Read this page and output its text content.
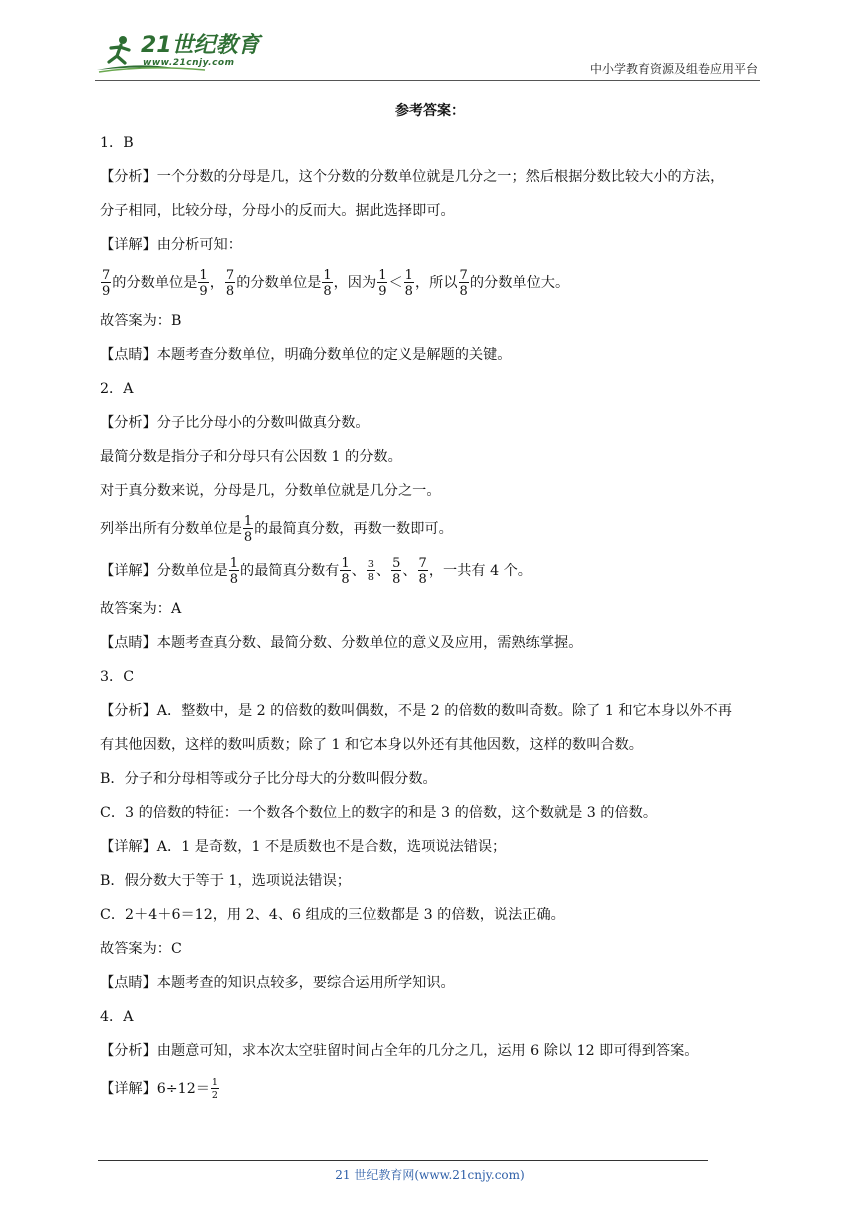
21世纪教育
www.21cnjy.com	中小学教育资源及组卷应用平台
参考答案：
1．B
【分析】一个分数的分母是几，这个分数的分数单位就是几分之一；然后根据分数比较大小的方法，
分子相同，比较分母，分母小的反而大。据此选择即可。
【详解】由分析可知：
$\frac{7}{9}$ 的分数单位是 $\frac{1}{9}$ ， $\frac{7}{8}$ 的分数单位是 $\frac{1}{8}$ ，因为 $\frac{1}{9} < \frac{1}{8}$ ，所以 $\frac{7}{8}$ 的分数单位大。
故答案为：B
【点睛】本题考查分数单位，明确分数单位的定义是解题的关键。
2．A
【分析】分子比分母小的分数叫做真分数。
最简分数是指分子和分母只有公因数 1 的分数。
对于真分数来说，分母是几，分数单位就是几分之一。
列举出所有分数单位是 $\frac{1}{8}$ 的最简真分数，再数一数即可。
【详解】分数单位是 $\frac{1}{8}$ 的最简真分数有 $\frac{1}{8}$ 、 $\frac{3}{8}$ 、 $\frac{5}{8}$ 、 $\frac{7}{8}$ ，一共有 4 个。
故答案为：A
【点睛】本题考查真分数、最简分数、分数单位的意义及应用，需熟练掌握。
3．C
【分析】A．整数中，是 2 的倍数的数叫偶数，不是 2 的倍数的数叫奇数。除了 1 和它本身以外不再
有其他因数，这样的数叫质数；除了 1 和它本身以外还有其他因数，这样的数叫合数。
B．分子和分母相等或分子比分母大的分数叫假分数。
C．3 的倍数的特征：一个数各个数位上的数字的和是 3 的倍数，这个数就是 3 的倍数。
【详解】A．1 是奇数，1 不是质数也不是合数，选项说法错误；
B．假分数大于等于 1，选项说法错误；
C．2＋4＋6＝12，用 2、4、6 组成的三位数都是 3 的倍数，说法正确。
故答案为：C
【点睛】本题考查的知识点较多，要综合运用所学知识。
4．A
【分析】由题意可知，求本次太空驻留时间占全年的几分之几，运用 6 除以 12 即可得到答案。
【详解】$6\div 12= \frac{1}{2}$
21 世纪教育网(www.21cnjy.com)
